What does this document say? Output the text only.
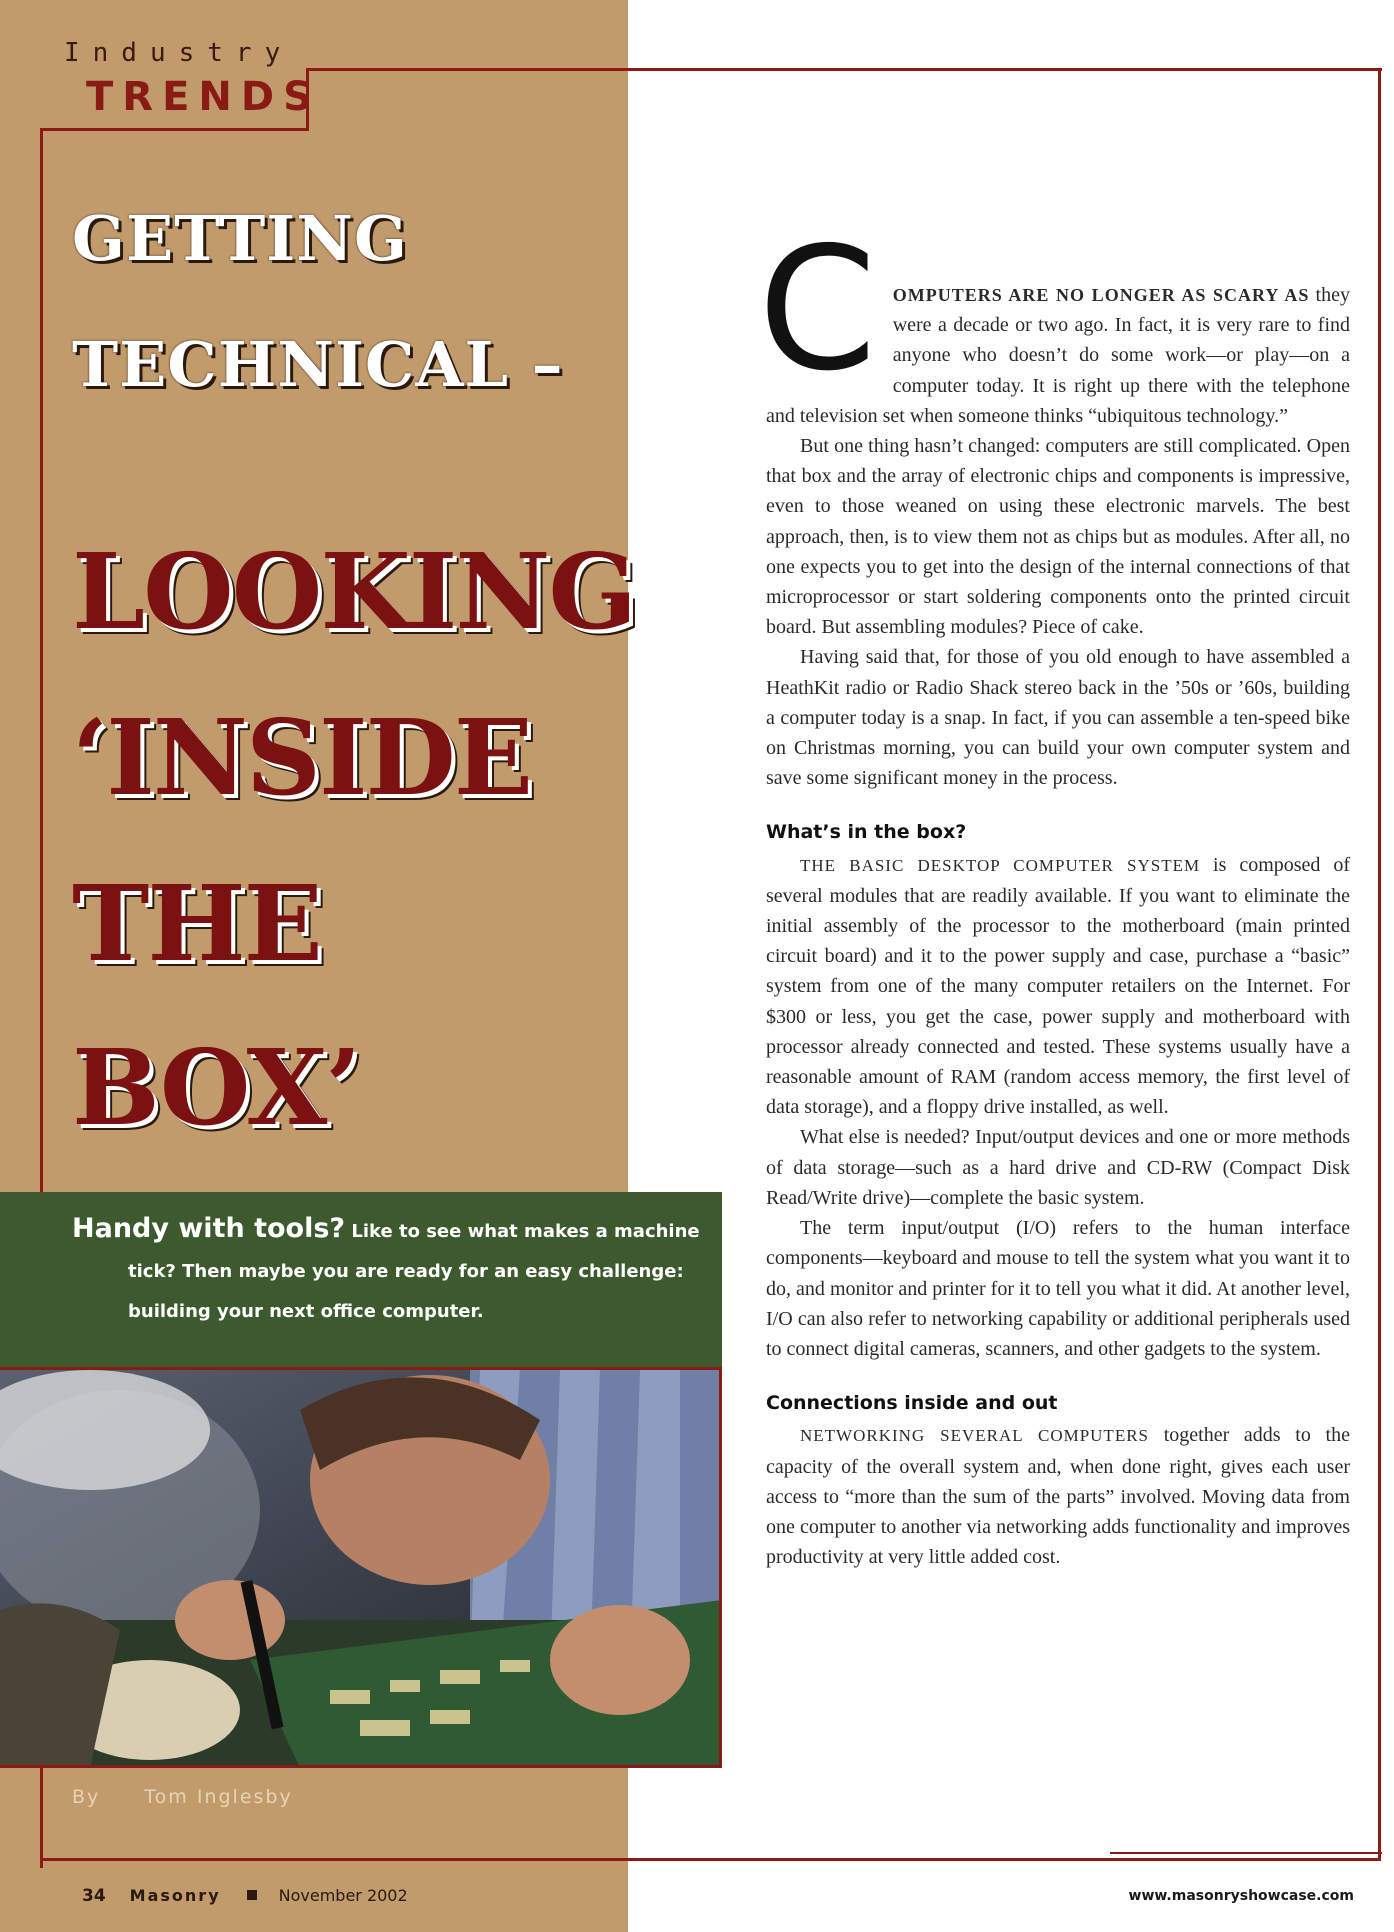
Industry
TRENDS
GETTING
TECHNICAL –
LOOKING
‘INSIDE
THE
BOX’
Handy with tools? Like to see what makes a machine
tick? Then maybe you are ready for an easy challenge:
building your next office computer.
By Tom Inglesby
34 Masonry	November 2002	www.masonryshowcase.com

COMPUTERS ARE NO LONGER AS SCARY AS they were a decade or two ago. In fact, it is very rare to find anyone who doesn’t do some work—or play—on a computer today. It is right up there with the telephone and television set when someone thinks “ubiquitous technology.”

But one thing hasn’t changed: computers are still complicated. Open that box and the array of electronic chips and components is impressive, even to those weaned on using these electronic marvels. The best approach, then, is to view them not as chips but as modules. After all, no one expects you to get into the design of the internal connections of that microprocessor or start soldering components onto the printed circuit board. But assembling modules? Piece of cake.

Having said that, for those of you old enough to have assembled a HeathKit radio or Radio Shack stereo back in the ’50s or ’60s, building a computer today is a snap. In fact, if you can assemble a ten-speed bike on Christmas morning, you can build your own computer system and save some significant money in the process.

What’s in the box?

THE BASIC DESKTOP COMPUTER SYSTEM is composed of several modules that are readily available. If you want to eliminate the initial assembly of the processor to the motherboard (main printed circuit board) and it to the power supply and case, purchase a “basic” system from one of the many computer retailers on the Internet. For $300 or less, you get the case, power supply and motherboard with processor already connected and tested. These systems usually have a reasonable amount of RAM (random access memory, the first level of data storage), and a floppy drive installed, as well.

What else is needed? Input/output devices and one or more methods of data storage—such as a hard drive and CD-RW (Compact Disk Read/Write drive)—complete the basic system.

The term input/output (I/O) refers to the human interface components—keyboard and mouse to tell the system what you want it to do, and monitor and printer for it to tell you what it did. At another level, I/O can also refer to networking capability or additional peripherals used to connect digital cameras, scanners, and other gadgets to the system.

Connections inside and out

NETWORKING SEVERAL COMPUTERS together adds to the capacity of the overall system and, when done right, gives each user access to “more than the sum of the parts” involved. Moving data from one computer to another via networking adds functionality and improves productivity at very little added cost.
